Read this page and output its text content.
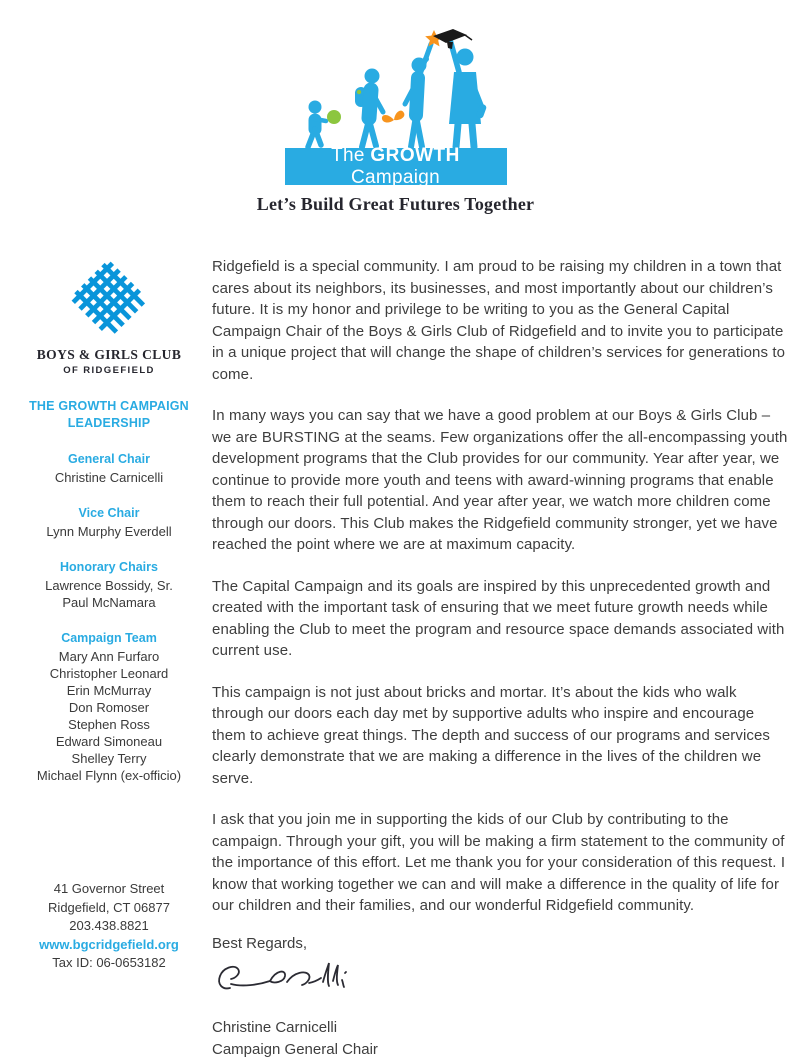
The GROWTH Campaign
Let’s Build Great Futures Together
BOYS & GIRLS CLUB
OF RIDGEFIELD
THE GROWTH CAMPAIGN LEADERSHIP
General Chair
Christine Carnicelli
Vice Chair
Lynn Murphy Everdell
Honorary Chairs
Lawrence Bossidy, Sr.
Paul McNamara
Campaign Team
Mary Ann Furfaro
Christopher Leonard
Erin McMurray
Don Romoser
Stephen Ross
Edward Simoneau
Shelley Terry
Michael Flynn (ex-officio)
41 Governor Street
Ridgefield, CT 06877
203.438.8821
www.bgcridgefield.org
Tax ID: 06-0653182

Ridgefield is a special community. I am proud to be raising my children in a town that cares about its neighbors, its businesses, and most importantly about our children’s future. It is my honor and privilege to be writing to you as the General Capital Campaign Chair of the Boys & Girls Club of Ridgefield and to invite you to participate in a unique project that will change the shape of children’s services for generations to come.

In many ways you can say that we have a good problem at our Boys & Girls Club – we are BURSTING at the seams. Few organizations offer the all-encompassing youth development programs that the Club provides for our community. Year after year, we continue to provide more youth and teens with award-winning programs that enable them to reach their full potential. And year after year, we watch more children come through our doors. This Club makes the Ridgefield community stronger, yet we have reached the point where we are at maximum capacity.

The Capital Campaign and its goals are inspired by this unprecedented growth and created with the important task of ensuring that we meet future growth needs while enabling the Club to meet the program and resource space demands associated with current use.

This campaign is not just about bricks and mortar. It’s about the kids who walk through our doors each day met by supportive adults who inspire and encourage them to achieve great things. The depth and success of our programs and services clearly demonstrate that we are making a difference in the lives of the children we serve.

I ask that you join me in supporting the kids of our Club by contributing to the campaign. Through your gift, you will be making a firm statement to the community of the importance of this effort. Let me thank you for your consideration of this request. I know that working together we can and will make a difference in the quality of life for our children and their families, and our wonderful Ridgefield community.

Best Regards,
Christine Carnicelli
Campaign General Chair
